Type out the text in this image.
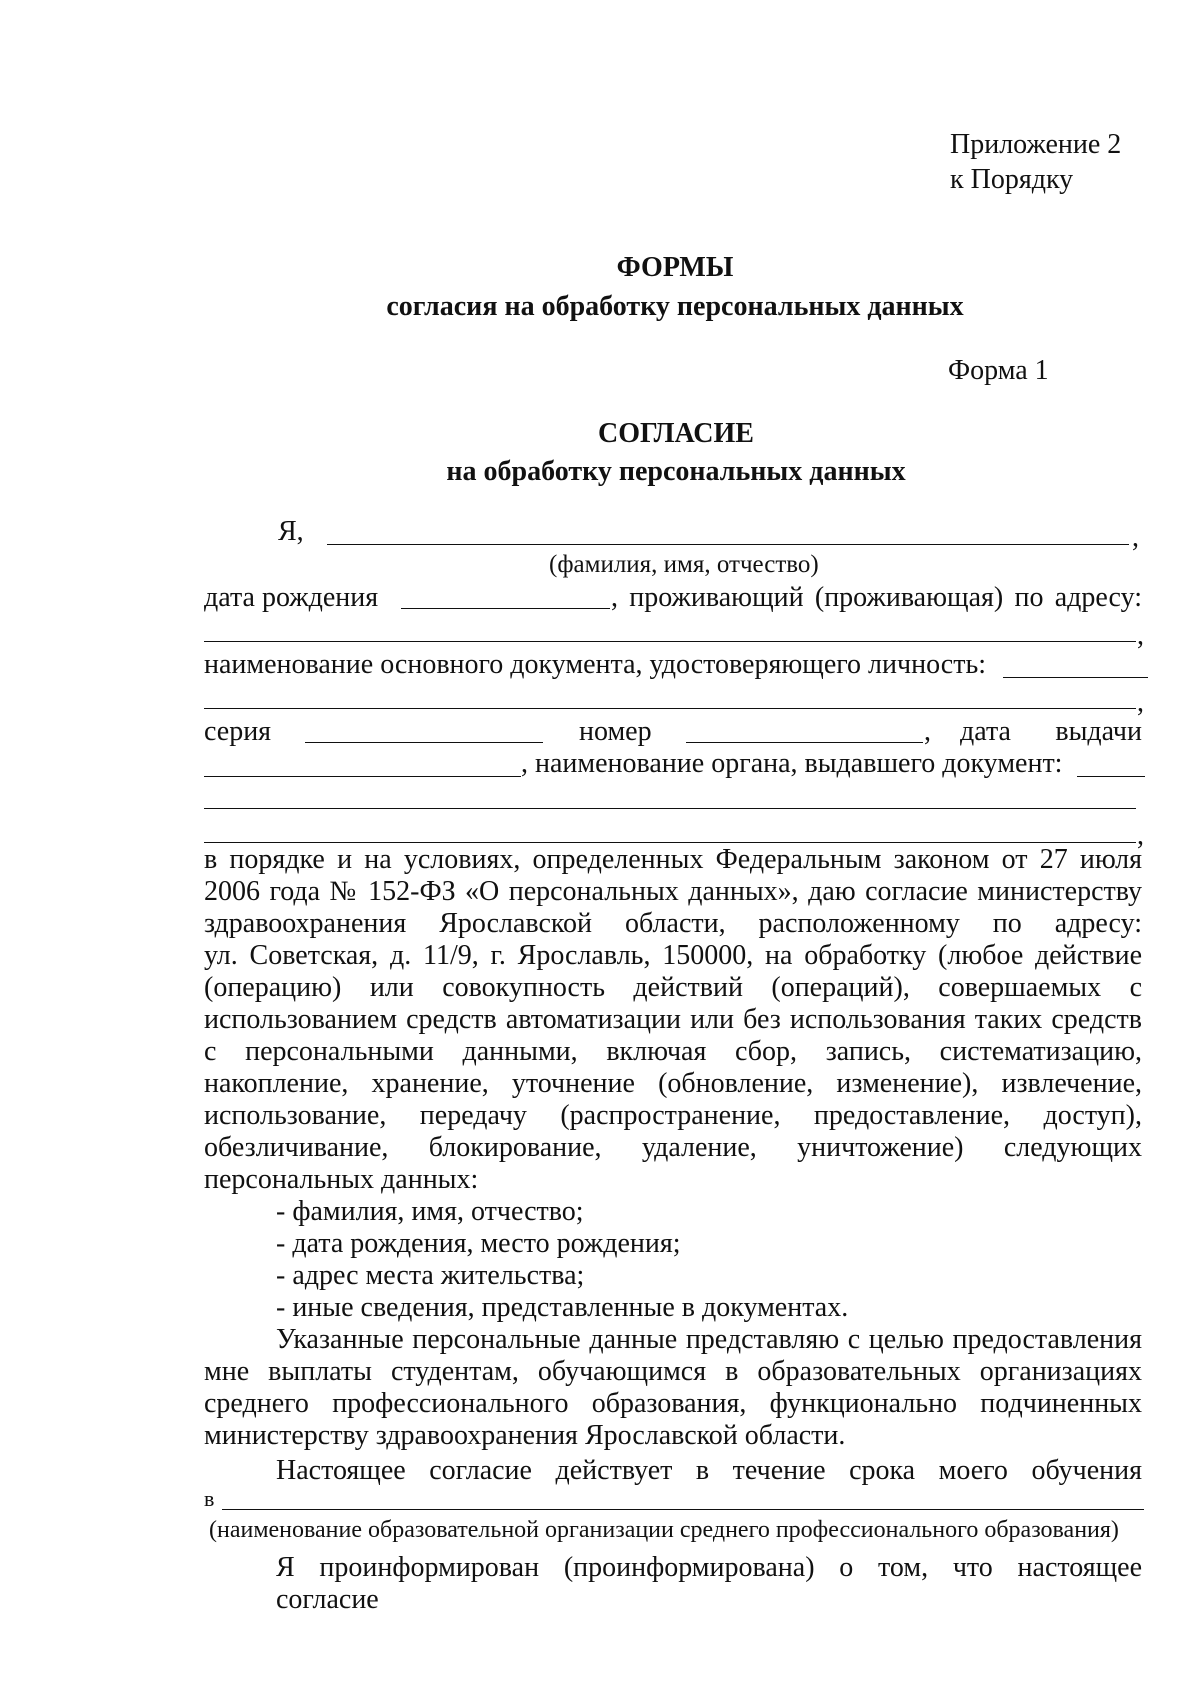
Приложение 2
к Порядку
ФОРМЫ
согласия на обработку персональных данных
Форма 1
СОГЛАСИЕ
на обработку персональных данных
Я,	,
(фамилия, имя, отчество)
дата рождения	, проживающий (проживающая) по адресу:
,
наименование основного документа, удостоверяющего личность:
,
серия	номер	, дата выдачи
, наименование органа, выдавшего документ:
,
в порядке и на условиях, определенных Федеральным законом от 27 июля
2006 года № 152-ФЗ «О персональных данных», даю согласие министерству
здравоохранения Ярославской области, расположенному по адресу:
ул. Советская, д. 11/9, г. Ярославль, 150000, на обработку (любое действие
(операцию) или совокупность действий (операций), совершаемых с
использованием средств автоматизации или без использования таких средств
с персональными данными, включая сбор, запись, систематизацию,
накопление, хранение, уточнение (обновление, изменение), извлечение,
использование, передачу (распространение, предоставление, доступ),
обезличивание, блокирование, удаление, уничтожение) следующих
персональных данных:
- фамилия, имя, отчество;
- дата рождения, место рождения;
- адрес места жительства;
- иные сведения, представленные в документах.
Указанные персональные данные представляю с целью предоставления
мне выплаты студентам, обучающимся в образовательных организациях
среднего профессионального образования, функционально подчиненных
министерству здравоохранения Ярославской области.
Настоящее согласие действует в течение срока моего обучения
в
(наименование образовательной организации среднего профессионального образования)
Я проинформирован (проинформирована) о том, что настоящее согласие
